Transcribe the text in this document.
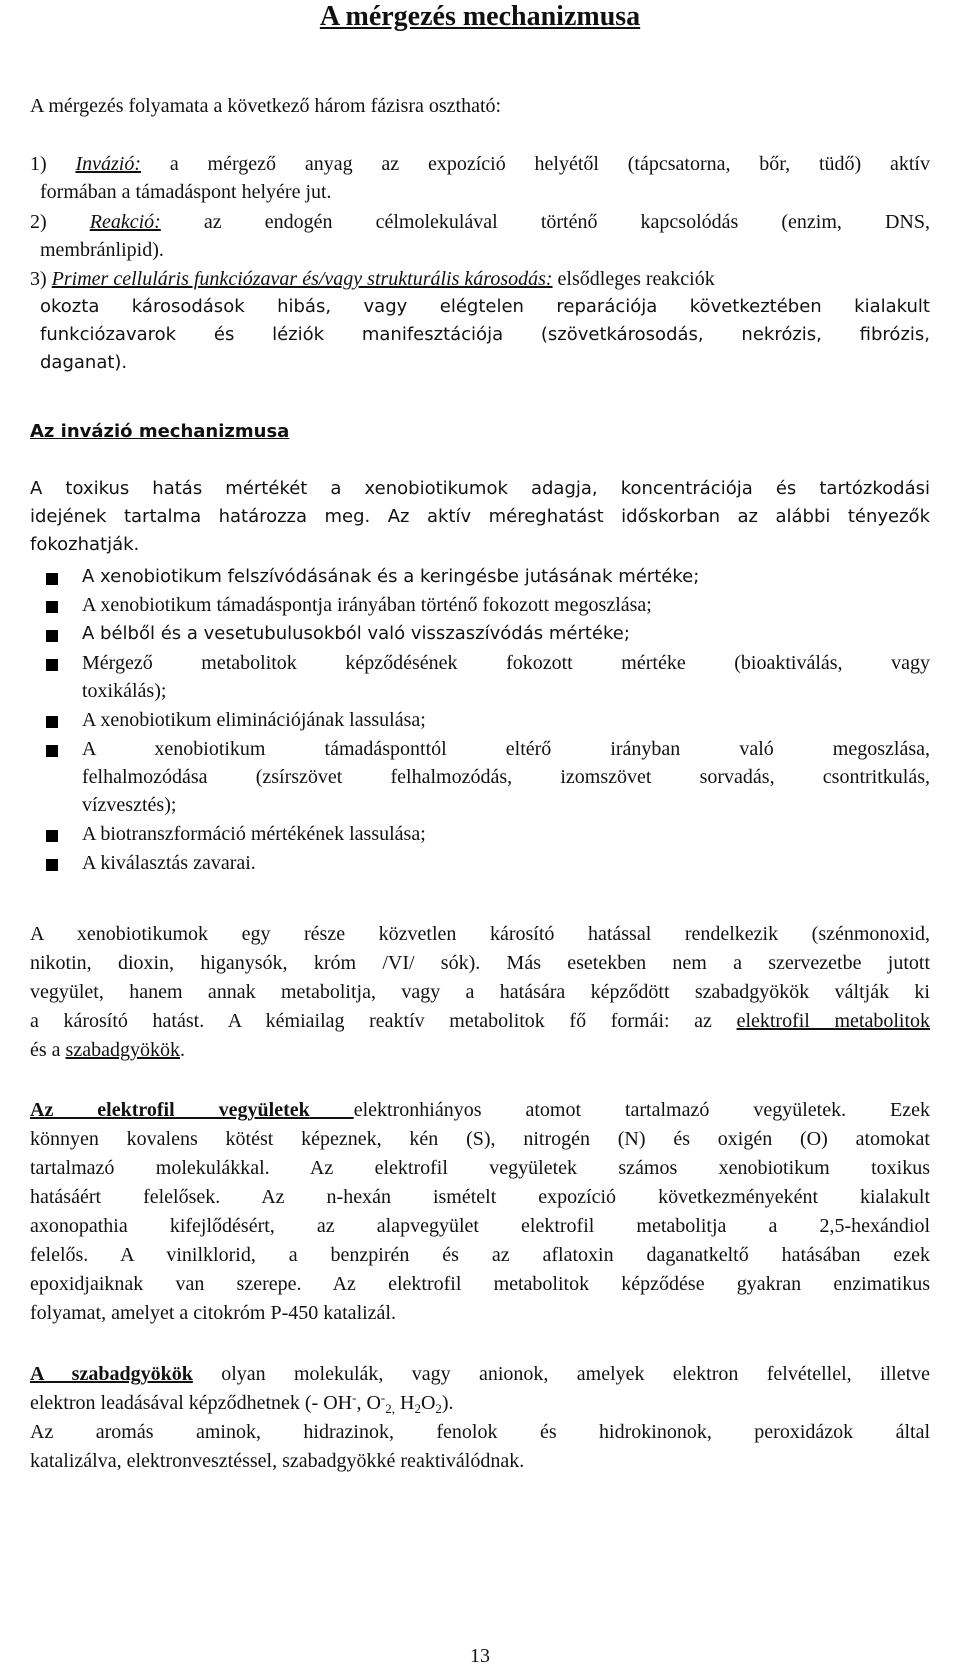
A mérgezés mechanizmusa
A mérgezés folyamata a következő három fázisra osztható:
1) Invázió: a mérgező anyag az expozíció helyétől (tápcsatorna, bőr, tüdő) aktív
formában a támadáspont helyére jut.
2) Reakció: az endogén célmolekulával történő kapcsolódás (enzim, DNS,
membránlipid).
3) Primer celluláris funkciózavar és/vagy strukturális károsodás: elsődleges reakciók
okozta károsodások hibás, vagy elégtelen reparációja következtében kialakult
funkciózavarok és léziók manifesztációja (szövetkárosodás, nekrózis, fibrózis,
daganat).
Az invázió mechanizmusa
A toxikus hatás mértékét a xenobiotikumok adagja, koncentrációja és tartózkodási
idejének tartalma határozza meg. Az aktív méreghatást időskorban az alábbi tényezők
fokozhatják.
A xenobiotikum felszívódásának és a keringésbe jutásának mértéke;
A xenobiotikum támadáspontja irányában történő fokozott megoszlása;
A bélből és a vesetubulusokból való visszaszívódás mértéke;
Mérgező metabolitok képződésének fokozott mértéke (bioaktiválás, vagy
toxikálás);
A xenobiotikum eliminációjának lassulása;
A xenobiotikum támadásponttól eltérő irányban való megoszlása,
felhalmozódása (zsírszövet felhalmozódás, izomszövet sorvadás, csontritkulás,
vízvesztés);
A biotranszformáció mértékének lassulása;
A kiválasztás zavarai.
A xenobiotikumok egy része közvetlen károsító hatással rendelkezik (szénmonoxid,
nikotin, dioxin, higanysók, króm /VI/ sók). Más esetekben nem a szervezetbe jutott
vegyület, hanem annak metabolitja, vagy a hatására képződött szabadgyökök váltják ki
a károsító hatást. A kémiailag reaktív metabolitok fő formái: az elektrofil metabolitok
és a szabadgyökök.
Az elektrofil vegyületek elektronhiányos atomot tartalmazó vegyületek. Ezek
könnyen kovalens kötést képeznek, kén (S), nitrogén (N) és oxigén (O) atomokat
tartalmazó molekulákkal. Az elektrofil vegyületek számos xenobiotikum toxikus
hatásáért felelősek. Az n-hexán ismételt expozíció következményeként kialakult
axonopathia kifejlődésért, az alapvegyület elektrofil metabolitja a 2,5-hexándiol
felelős. A vinilklorid, a benzpirén és az aflatoxin daganatkeltő hatásában ezek
epoxidjaiknak van szerepe. Az elektrofil metabolitok képződése gyakran enzimatikus
folyamat, amelyet a citokróm P-450 katalizál.
A szabadgyökök olyan molekulák, vagy anionok, amelyek elektron felvétellel, illetve
elektron leadásával képződhetnek (- OH-, $O^-_{2,}$ $H_2O_2$).
Az aromás aminok, hidrazinok, fenolok és hidrokinonok, peroxidázok által
katalizálva, elektronvesztéssel, szabadgyökké reaktiválódnak.
13
